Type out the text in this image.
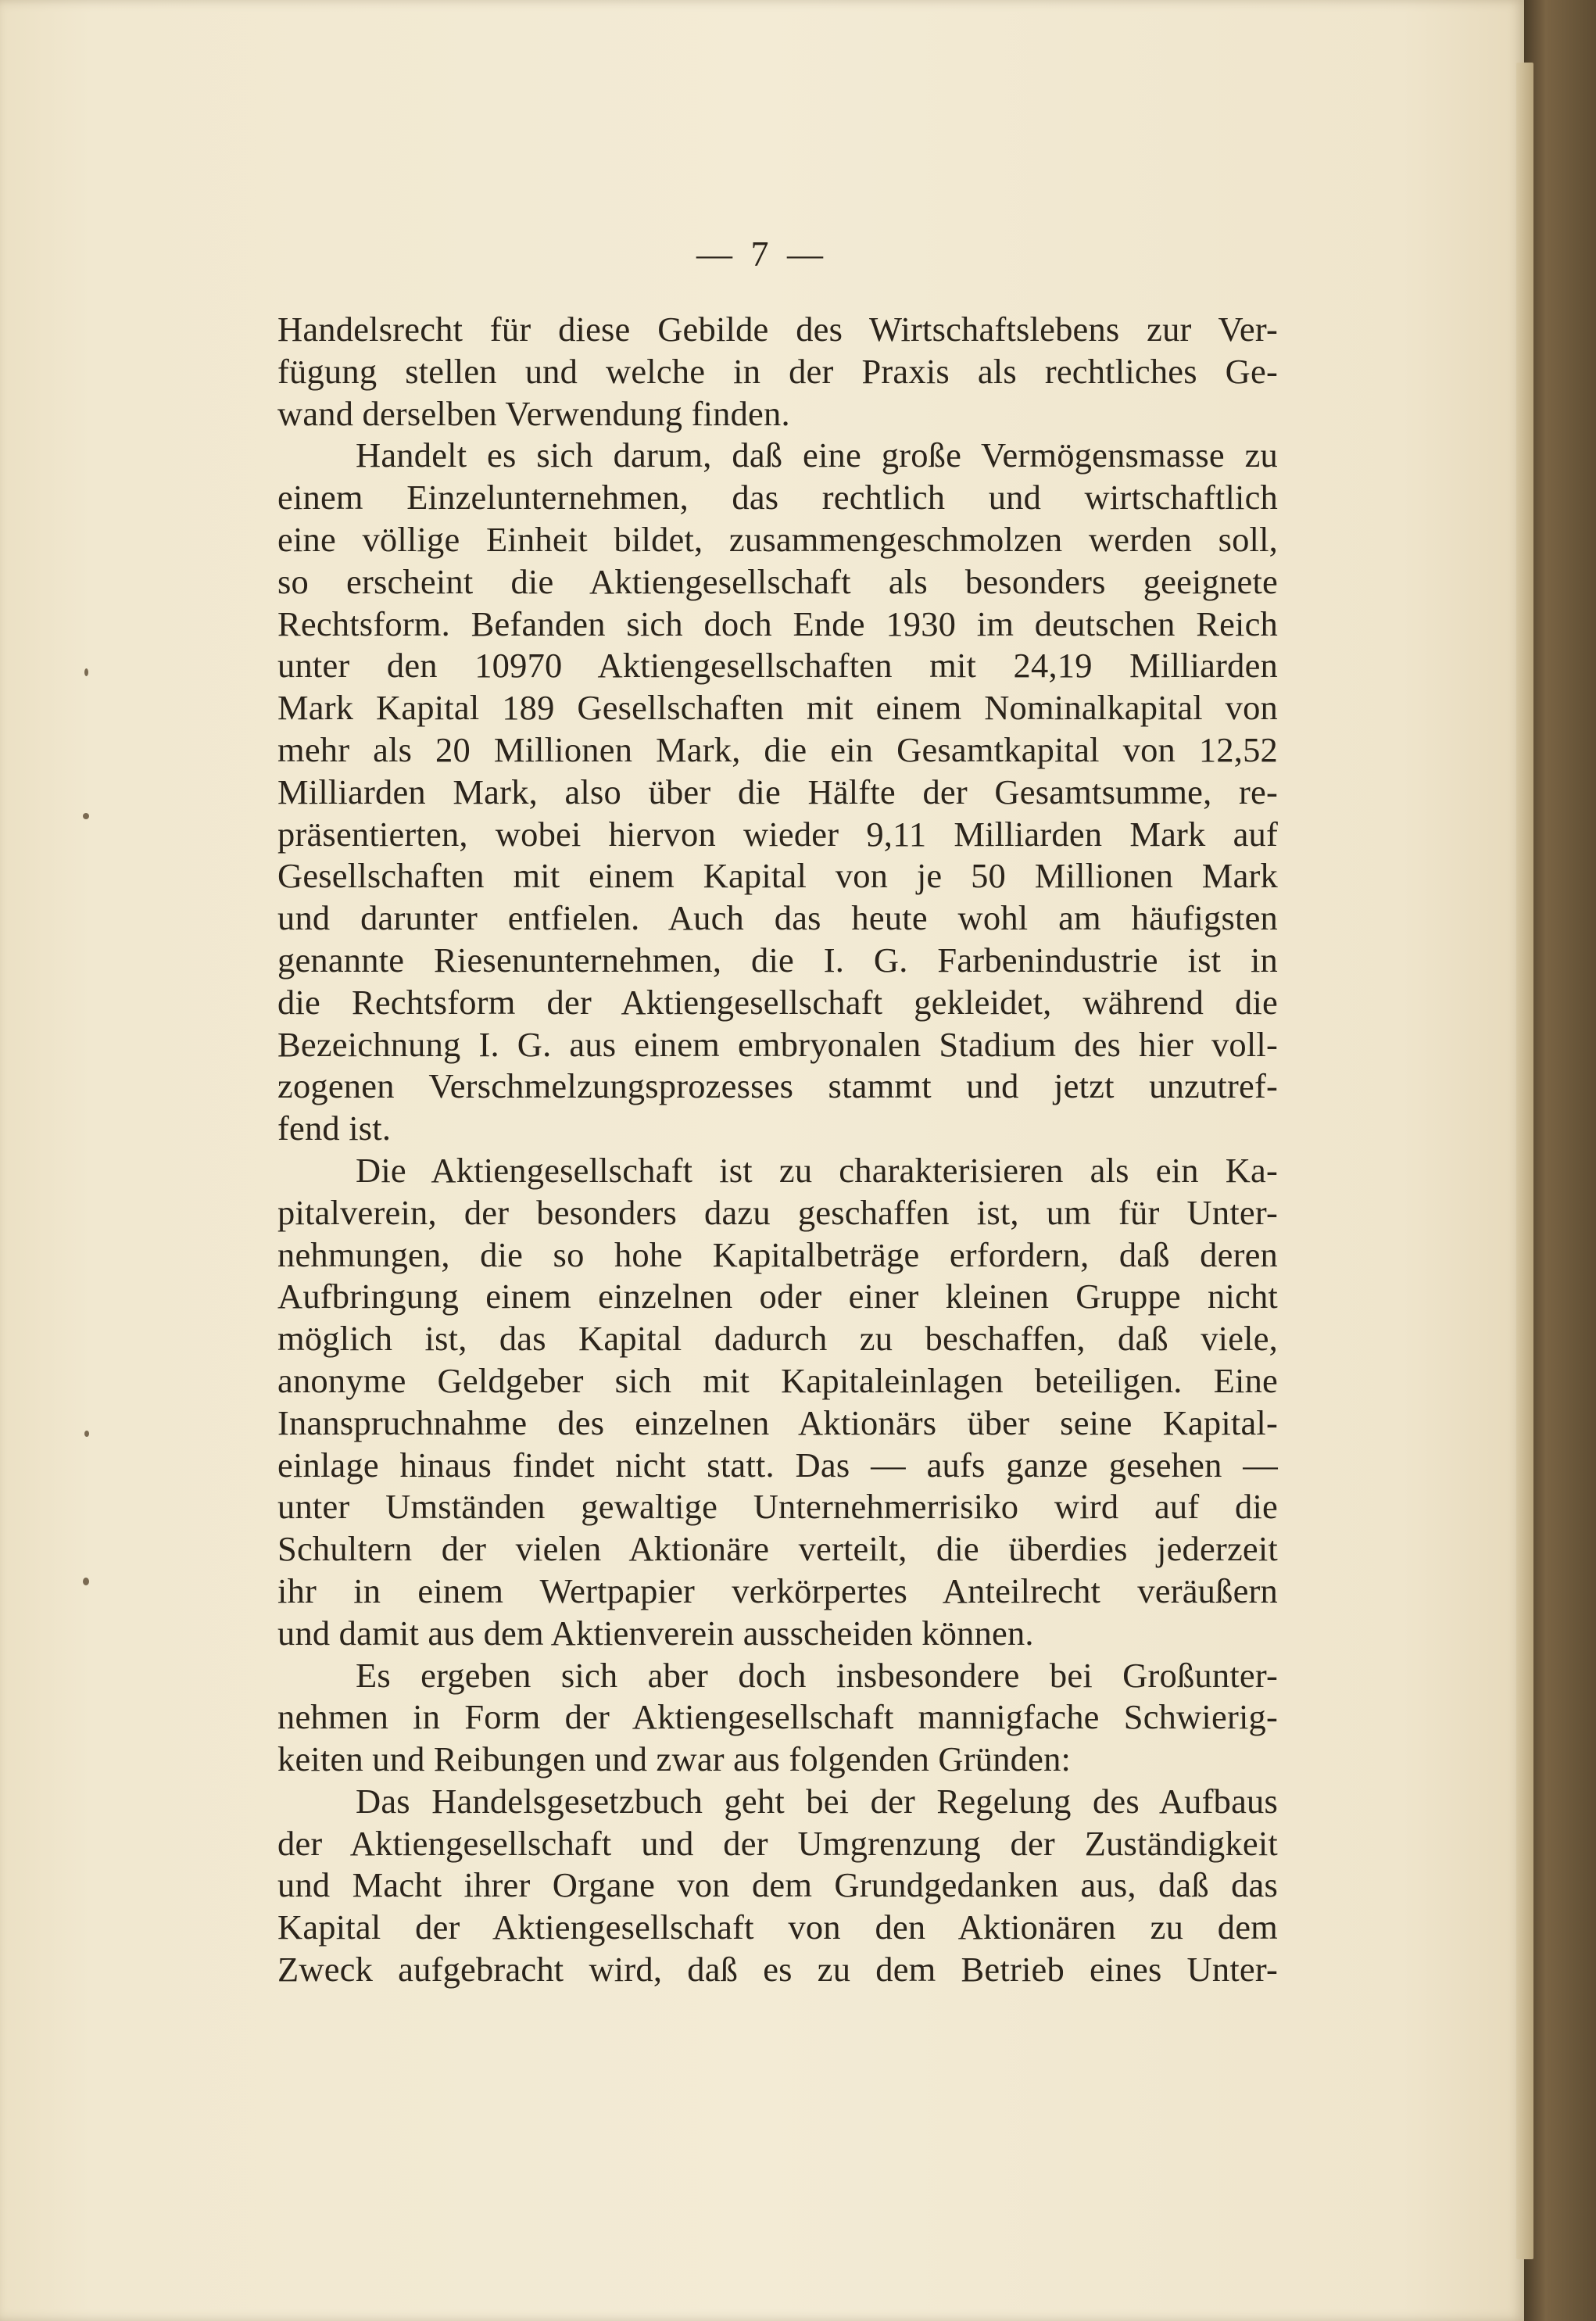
— 7 —
Handelsrecht für diese Gebilde des Wirtschaftslebens zur Ver-
fügung stellen und welche in der Praxis als rechtliches Ge-
wand derselben Verwendung finden.
Handelt es sich darum, daß eine große Vermögensmasse zu
einem Einzelunternehmen, das rechtlich und wirtschaftlich
eine völlige Einheit bildet, zusammengeschmolzen werden soll,
so erscheint die Aktiengesellschaft als besonders geeignete
Rechtsform. Befanden sich doch Ende 1930 im deutschen Reich
unter den 10970 Aktiengesellschaften mit 24,19 Milliarden
Mark Kapital 189 Gesellschaften mit einem Nominalkapital von
mehr als 20 Millionen Mark, die ein Gesamtkapital von 12,52
Milliarden Mark, also über die Hälfte der Gesamtsumme, re-
präsentierten, wobei hiervon wieder 9,11 Milliarden Mark auf
Gesellschaften mit einem Kapital von je 50 Millionen Mark
und darunter entfielen. Auch das heute wohl am häufigsten
genannte Riesenunternehmen, die I. G. Farbenindustrie ist in
die Rechtsform der Aktiengesellschaft gekleidet, während die
Bezeichnung I. G. aus einem embryonalen Stadium des hier voll-
zogenen Verschmelzungsprozesses stammt und jetzt unzutref-
fend ist.
Die Aktiengesellschaft ist zu charakterisieren als ein Ka-
pitalverein, der besonders dazu geschaffen ist, um für Unter-
nehmungen, die so hohe Kapitalbeträge erfordern, daß deren
Aufbringung einem einzelnen oder einer kleinen Gruppe nicht
möglich ist, das Kapital dadurch zu beschaffen, daß viele,
anonyme Geldgeber sich mit Kapitaleinlagen beteiligen. Eine
Inanspruchnahme des einzelnen Aktionärs über seine Kapital-
einlage hinaus findet nicht statt. Das — aufs ganze gesehen —
unter Umständen gewaltige Unternehmerrisiko wird auf die
Schultern der vielen Aktionäre verteilt, die überdies jederzeit
ihr in einem Wertpapier verkörpertes Anteilrecht veräußern
und damit aus dem Aktienverein ausscheiden können.
Es ergeben sich aber doch insbesondere bei Großunter-
nehmen in Form der Aktiengesellschaft mannigfache Schwierig-
keiten und Reibungen und zwar aus folgenden Gründen:
Das Handelsgesetzbuch geht bei der Regelung des Aufbaus
der Aktiengesellschaft und der Umgrenzung der Zuständigkeit
und Macht ihrer Organe von dem Grundgedanken aus, daß das
Kapital der Aktiengesellschaft von den Aktionären zu dem
Zweck aufgebracht wird, daß es zu dem Betrieb eines Unter-
